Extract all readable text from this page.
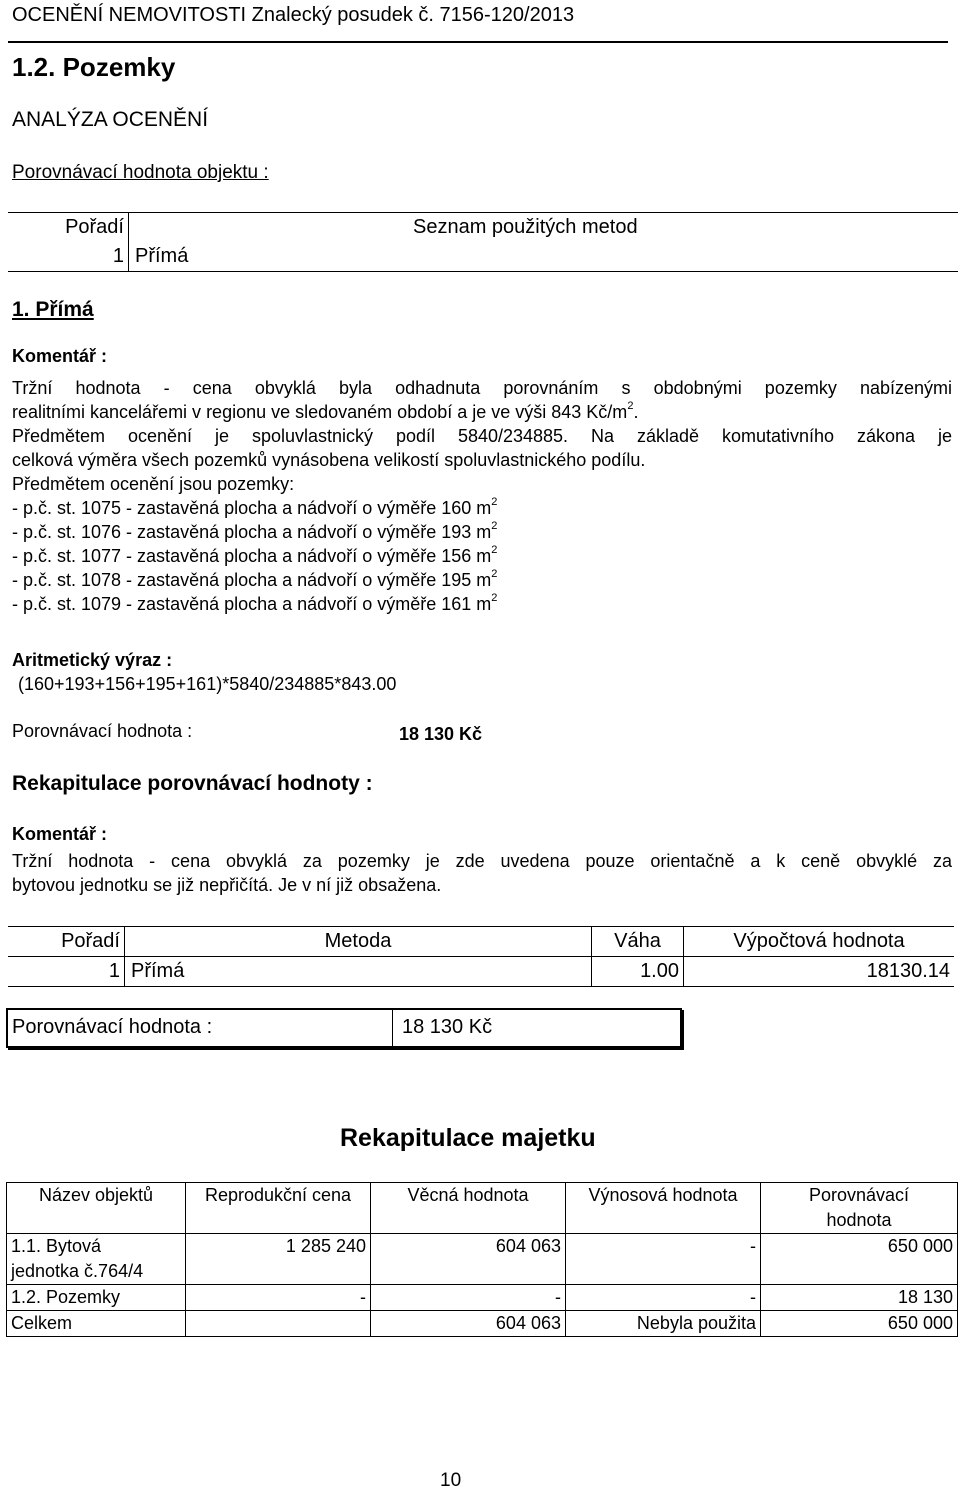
OCENĚNÍ NEMOVITOSTI Znalecký posudek č. 7156-120/2013
1.2. Pozemky
ANALÝZA OCENĚNÍ
Porovnávací hodnota objektu :
Pořadí		Seznam použitých metod
1	Přímá	
1. Přímá
Komentář :

Tržní hodnota - cena obvyklá byla odhadnuta porovnáním s obdobnými pozemky nabízenými

realitními kancelářemi v regionu ve sledovaném období a je ve výši 843 $Kč/m^2$.

Předmětem ocenění je spoluvlastnický podíl 5840/234885. Na základě komutativního zákona je

celková výměra všech pozemků vynásobena velikostí spoluvlastnického podílu.

Předmětem ocenění jsou pozemky:

- p.č. st. 1075 - zastavěná plocha a nádvoří o výměře 160 $m^2$

- p.č. st. 1076 - zastavěná plocha a nádvoří o výměře 193 $m^2$

- p.č. st. 1077 - zastavěná plocha a nádvoří o výměře 156 $m^2$

- p.č. st. 1078 - zastavěná plocha a nádvoří o výměře 195 $m^2$

- p.č. st. 1079 - zastavěná plocha a nádvoří o výměře 161 $m^2$

Aritmetický výraz :
(160+193+156+195+161)*5840/234885*843.00
Porovnávací hodnota :	18 130 Kč
Rekapitulace porovnávací hodnoty :
Komentář :

Tržní hodnota - cena obvyklá za pozemky je zde uvedena pouze orientačně a k ceně obvyklé za

bytovou jednotku se již nepřičítá. Je v ní již obsažena.

Pořadí	Metoda	Váha	Výpočtová hodnota
1	Přímá	1.00	18130.14
Porovnávací hodnota :	18 130 Kč
Rekapitulace majetku
Název objektů	Reprodukční cena	Věcná hodnota	Výnosová hodnota	Porovnávací
hodnota
1.1. Bytová
jednotka č.764/4	1 285 240	604 063	-	650 000
1.2. Pozemky	-	-	-	18 130
Celkem		604 063	Nebyla použita	650 000
10
